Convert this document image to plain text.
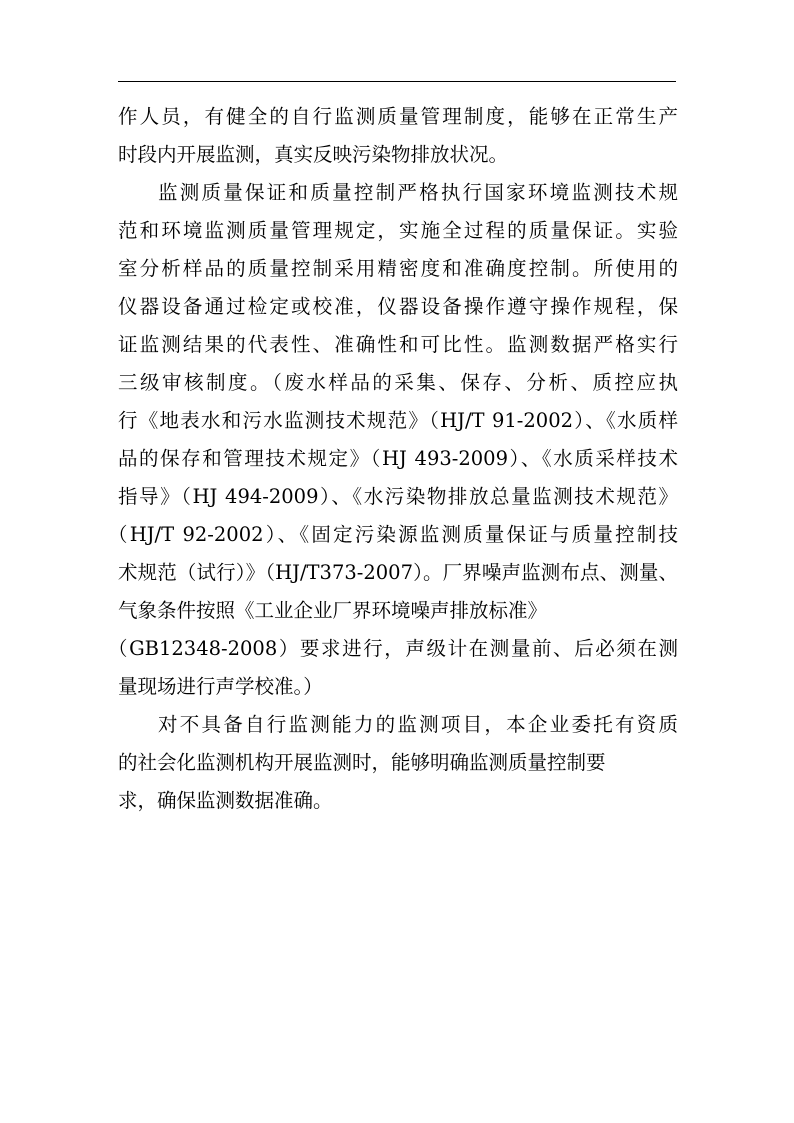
作人员，有健全的自行监测质量管理制度，能够在正常生产
时段内开展监测，真实反映污染物排放状况。
监测质量保证和质量控制严格执行国家环境监测技术规
范和环境监测质量管理规定，实施全过程的质量保证。实验
室分析样品的质量控制采用精密度和准确度控制。所使用的
仪器设备通过检定或校准，仪器设备操作遵守操作规程，保
证监测结果的代表性、准确性和可比性。监测数据严格实行
三级审核制度。（废水样品的采集、保存、分析、质控应执
行《地表水和污水监测技术规范》（HJ/T 91-2002）、《水质样
品的保存和管理技术规定》（HJ 493-2009）、《水质采样技术
指导》（HJ 494-2009）、《水污染物排放总量监测技术规范》
（HJ/T 92-2002）、《固定污染源监测质量保证与质量控制技
术规范（试行）》（HJ/T373-2007）。厂界噪声监测布点、测量、
气象条件按照《工业企业厂界环境噪声排放标准》
（GB12348-2008）要求进行，声级计在测量前、后必须在测
量现场进行声学校准。）
对不具备自行监测能力的监测项目，本企业委托有资质
的社会化监测机构开展监测时，能够明确监测质量控制要
求，确保监测数据准确。
